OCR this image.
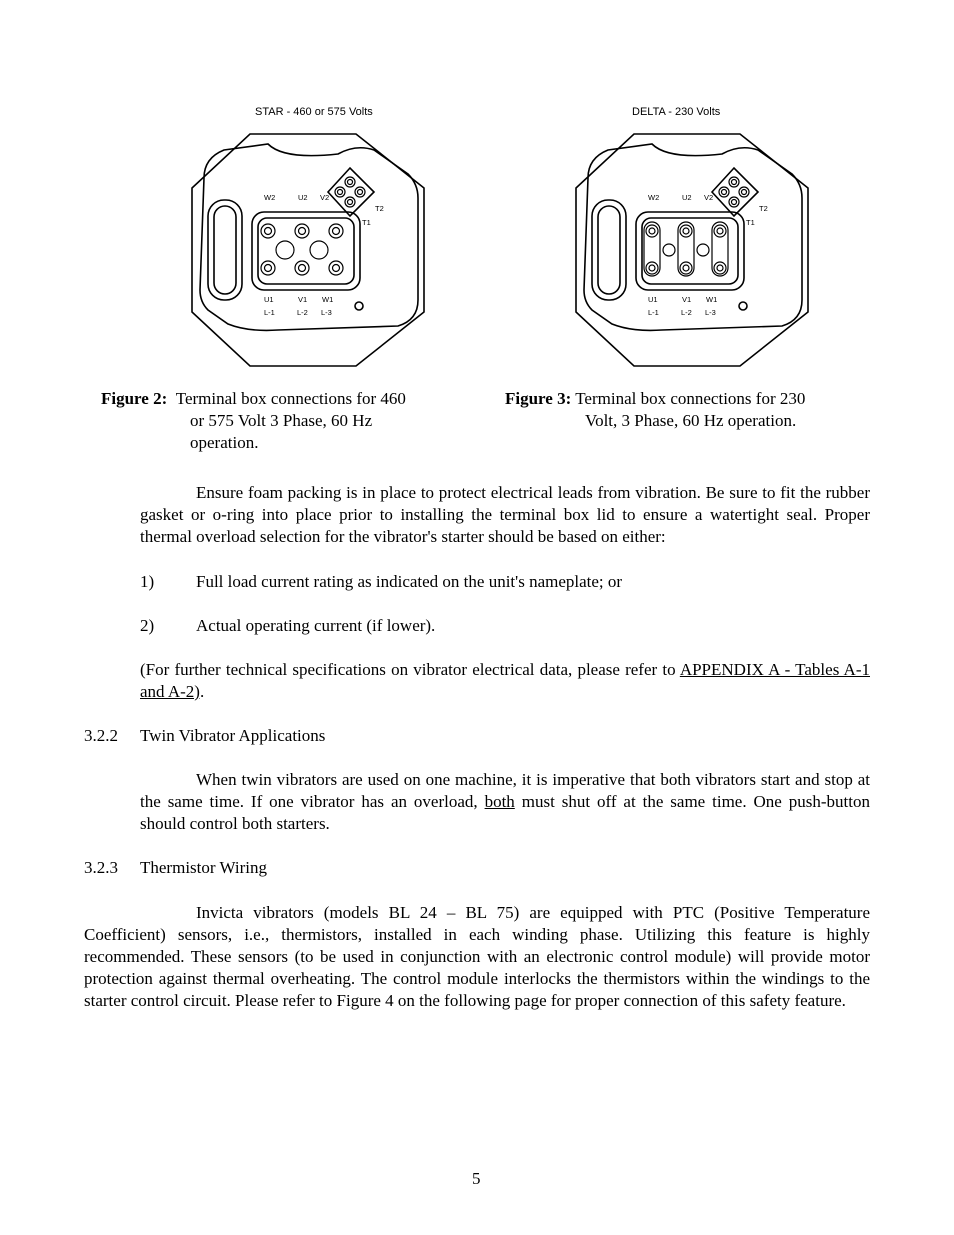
STAR - 460 or 575 Volts	DELTA - 230 Volts
W2	U2 V2
T2
T1
U1	V1 W1
L-1	L-2 L-3
W2	U2 V2
T2
T1
U1	V1 W1
L-1	L-2 L-3
Figure 2: Terminal box connections for 460
or 575 Volt 3 Phase, 60 Hz
operation.
Figure 3: Terminal box connections for 230
Volt, 3 Phase, 60 Hz operation.
Ensure foam packing is in place to protect electrical leads from vibration. Be sure to fit the rubber gasket or o-ring into place prior to installing the terminal box lid to ensure a watertight seal. Proper thermal overload selection for the vibrator's starter should be based on either:
1) Full load current rating as indicated on the unit's nameplate; or
2) Actual operating current (if lower).
(For further technical specifications on vibrator electrical data, please refer to APPENDIX A - Tables A-1 and A-2).
3.2.2 Twin Vibrator Applications
When twin vibrators are used on one machine, it is imperative that both vibrators start and stop at the same time. If one vibrator has an overload, both must shut off at the same time. One push-button should control both starters.
3.2.3 Thermistor Wiring
Invicta vibrators (models BL 24 – BL 75) are equipped with PTC (Positive Temperature Coefficient) sensors, i.e., thermistors, installed in each winding phase. Utilizing this feature is highly recommended. These sensors (to be used in conjunction with an electronic control module) will provide motor protection against thermal overheating. The control module interlocks the thermistors within the windings to the starter control circuit. Please refer to Figure 4 on the following page for proper connection of this safety feature.
5
